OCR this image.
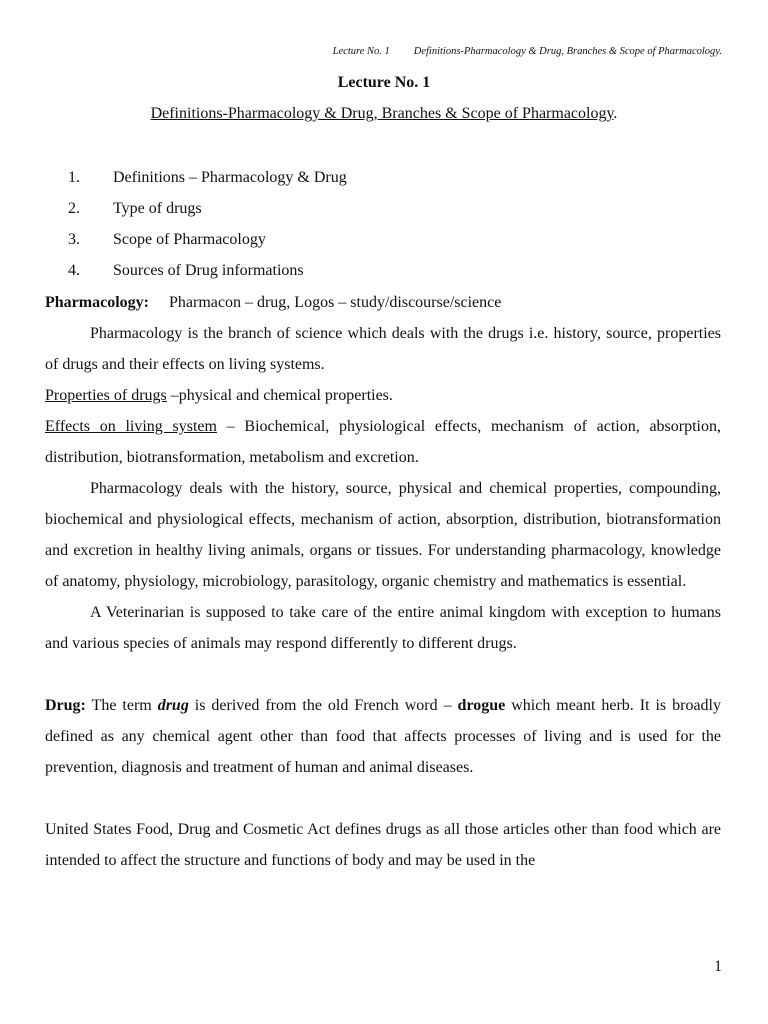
Lecture No. 1 Definitions-Pharmacology & Drug, Branches & Scope of Pharmacology.
Lecture No. 1
Definitions-Pharmacology & Drug, Branches & Scope of Pharmacology.
1. Definitions – Pharmacology & Drug
2. Type of drugs
3. Scope of Pharmacology
4. Sources of Drug informations

Pharmacology: Pharmacon – drug, Logos – study/discourse/science

Pharmacology is the branch of science which deals with the drugs i.e. history, source, properties of drugs and their effects on living systems.

Properties of drugs –physical and chemical properties.

Effects on living system – Biochemical, physiological effects, mechanism of action, absorption, distribution, biotransformation, metabolism and excretion.

Pharmacology deals with the history, source, physical and chemical properties, compounding, biochemical and physiological effects, mechanism of action, absorption, distribution, biotransformation and excretion in healthy living animals, organs or tissues. For understanding pharmacology, knowledge of anatomy, physiology, microbiology, parasitology, organic chemistry and mathematics is essential.

A Veterinarian is supposed to take care of the entire animal kingdom with exception to humans and various species of animals may respond differently to different drugs.

Drug: The term drug is derived from the old French word – drogue which meant herb. It is broadly defined as any chemical agent other than food that affects processes of living and is used for the prevention, diagnosis and treatment of human and animal diseases.

United States Food, Drug and Cosmetic Act defines drugs as all those articles other than food which are intended to affect the structure and functions of body and may be used in the

1
